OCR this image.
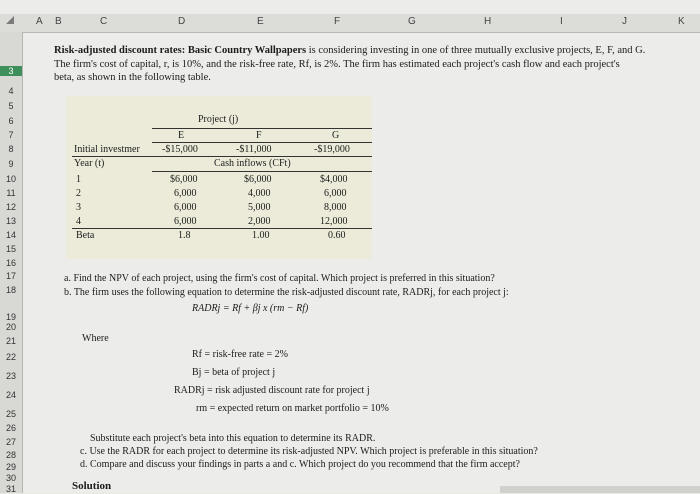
A B	C	D	E	F	G	H	I	J	K
3
4
5
6
7
8
9
10
11
12
13
14
15
16
17
18
19
20
21
22
23
24
25
26
27
28
29
30
31
Risk-adjusted discount rates: Basic Country Wallpapers is considering investing in one of three mutually exclusive projects, E, F, and G.
The firm's cost of capital, r, is 10%, and the risk-free rate, Rf, is 2%. The firm has estimated each project's cash flow and each project's
beta, as shown in the following table.
Project (j)
E	F	G
Initial investmer -$15,000	-$11,000	-$19,000
Year (t)	Cash inflows (CFt)
1	$6,000	$6,000	$4,000
2	6,000	4,000	6,000
3	6,000	5,000	8,000
4	6,000	2,000	12,000
Beta	1.8	1.00	0.60
a. Find the NPV of each project, using the firm's cost of capital. Which project is preferred in this situation?
b. The firm uses the following equation to determine the risk-adjusted discount rate, RADRj, for each project j:
RADRj = Rf + βj x (rm − Rf)
Where
Rf = risk-free rate = 2%
Bj = beta of project j
RADRj = risk adjusted discount rate for project j
rm = expected return on market portfolio = 10%
Substitute each project's beta into this equation to determine its RADR.
c. Use the RADR for each project to determine its risk-adjusted NPV. Which project is preferable in this situation?
d. Compare and discuss your findings in parts a and c. Which project do you recommend that the firm accept?
Solution
